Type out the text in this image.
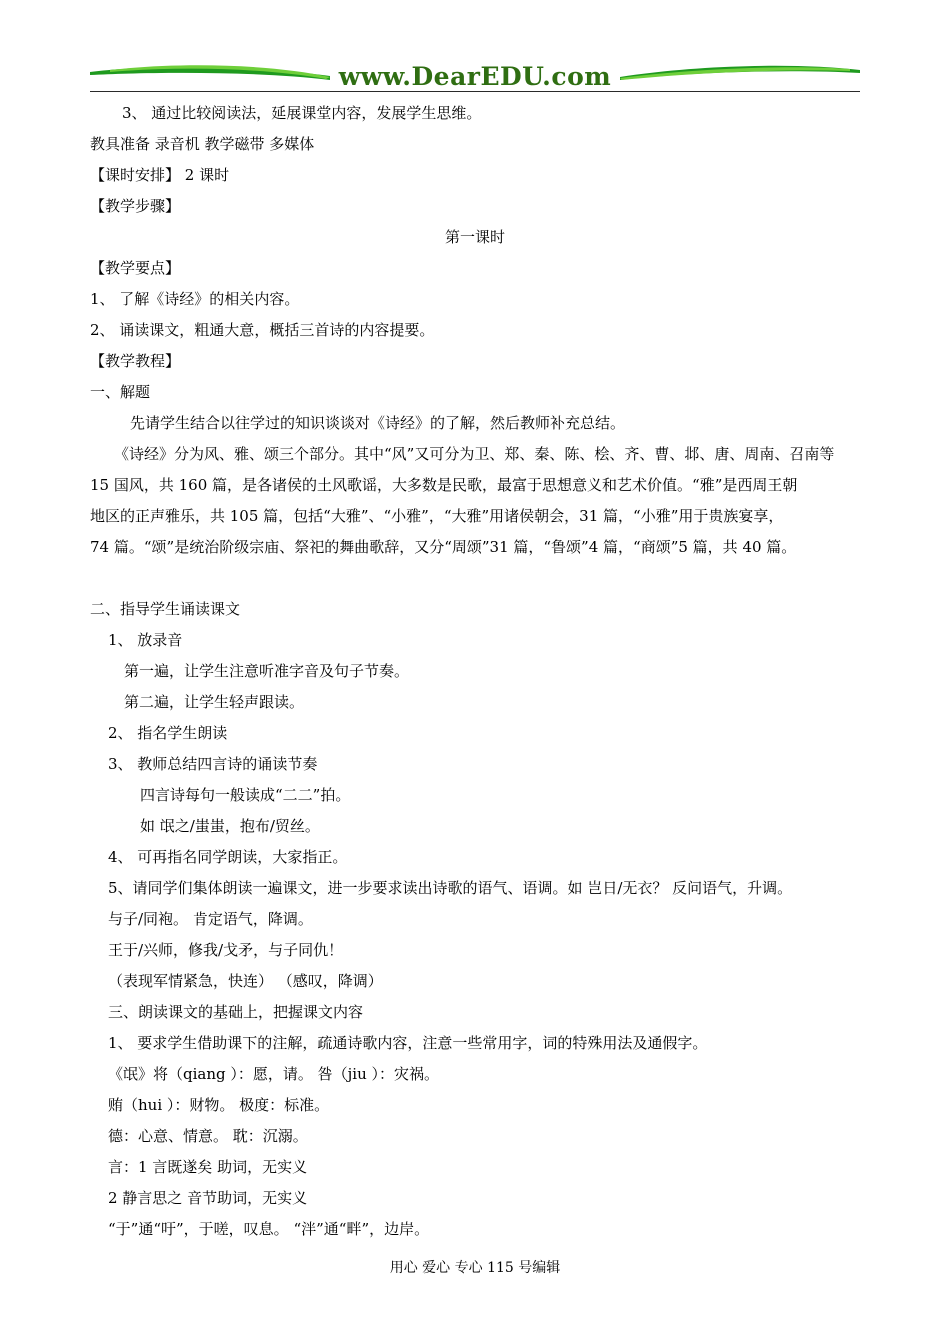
www.DearEDU.com
3、 通过比较阅读法，延展课堂内容，发展学生思维。
教具准备 录音机 教学磁带 多媒体
【课时安排】 2 课时
【教学步骤】
第一课时
【教学要点】
1、 了解《诗经》的相关内容。
2、 诵读课文，粗通大意，概括三首诗的内容提要。
【教学教程】
一、解题
先请学生结合以往学过的知识谈谈对《诗经》的了解，然后教师补充总结。
《诗经》分为风、雅、颂三个部分。其中“风”又可分为卫、郑、秦、陈、桧、齐、曹、邶、唐、周南、召南等
15 国风，共 160 篇，是各诸侯的土风歌谣，大多数是民歌，最富于思想意义和艺术价值。“雅”是西周王朝
地区的正声雅乐，共 105 篇，包括“大雅”、“小雅”，“大雅”用诸侯朝会，31 篇，“小雅”用于贵族宴享，
74 篇。“颂”是统治阶级宗庙、祭祀的舞曲歌辞，又分“周颂”31 篇，“鲁颂”4 篇，“商颂”5 篇，共 40 篇。
二、指导学生诵读课文
1、 放录音
第一遍，让学生注意听准字音及句子节奏。
第二遍，让学生轻声跟读。
2、 指名学生朗读
3、 教师总结四言诗的诵读节奏
四言诗每句一般读成“二二”拍。
如 氓之/蚩蚩，抱布/贸丝。
4、 可再指名同学朗读，大家指正。
5、请同学们集体朗读一遍课文，进一步要求读出诗歌的语气、语调。如 岂日/无衣？ 反问语气，升调。
与子/同袍。 肯定语气，降调。
王于/兴师，修我/戈矛，与子同仇！
（表现军情紧急，快连） （感叹，降调）
三、朗读课文的基础上，把握课文内容
1、 要求学生借助课下的注解，疏通诗歌内容，注意一些常用字，词的特殊用法及通假字。
《氓》将（qiang ）：愿，请。 咎（jiu ）：灾祸。
贿（hui ）：财物。 极度：标准。
德：心意、情意。 耽：沉溺。
言：1 言既遂矣 助词，无实义
2 静言思之 音节助词，无实义
“于”通“吁”，于嗟，叹息。 “泮”通“畔”，边岸。
用心 爱心 专心 115 号编辑
